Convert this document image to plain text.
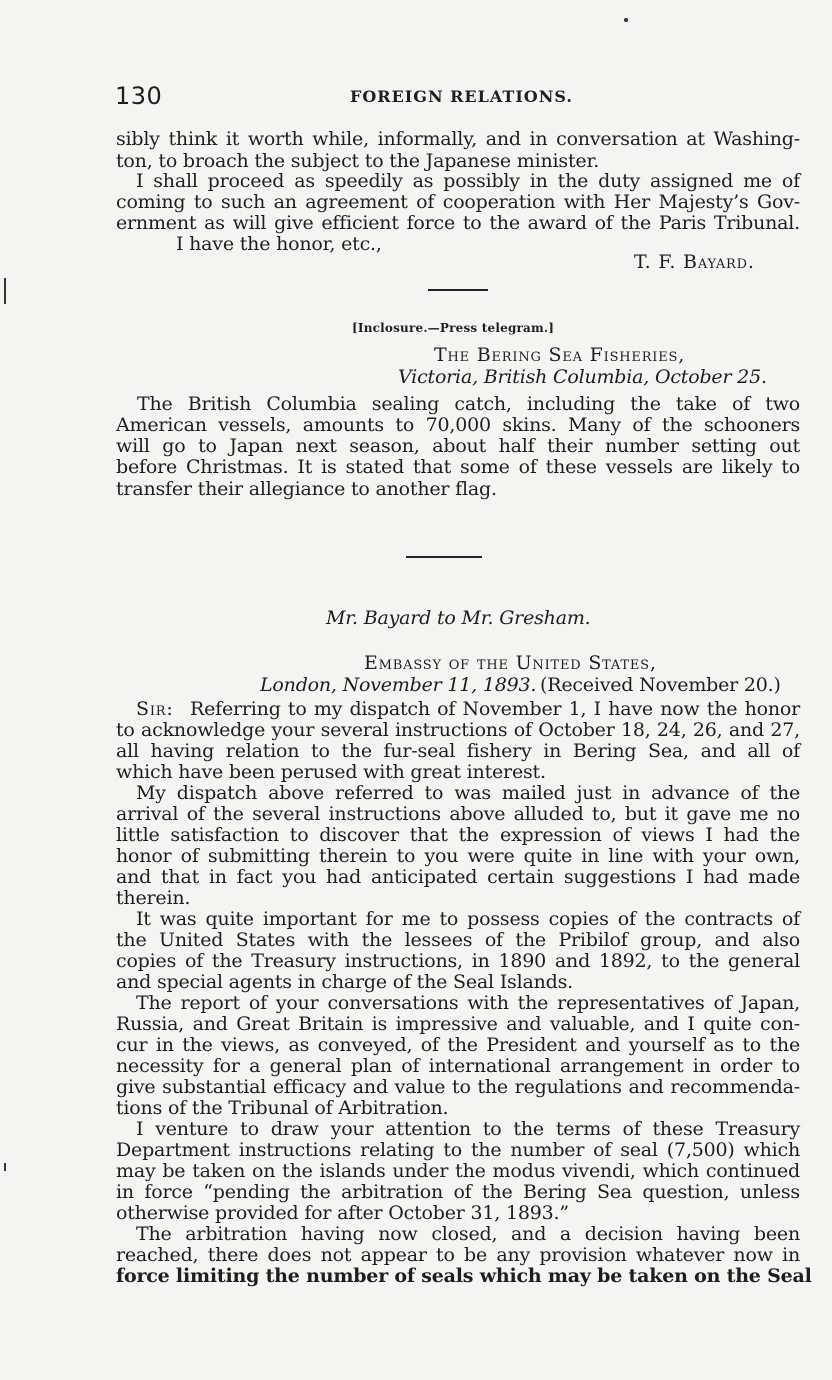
130	FOREIGN RELATIONS.
sibly think it worth while, informally, and in conversation at Washing-
ton, to broach the subject to the Japanese minister.
I shall proceed as speedily as possibly in the duty assigned me of
coming to such an agreement of cooperation with Her Majesty’s Gov-
ernment as will give efficient force to the award of the Paris Tribunal.
I have the honor, etc.,
T. F. Bayard.
[Inclosure.—Press telegram.]
The Bering Sea Fisheries,
Victoria, British Columbia, October 25.
The British Columbia sealing catch, including the take of two
American vessels, amounts to 70,000 skins. Many of the schooners
will go to Japan next season, about half their number setting out
before Christmas. It is stated that some of these vessels are likely to
transfer their allegiance to another flag.
Mr. Bayard to Mr. Gresham.
Embassy of the United States,
London, November 11, 1893. (Received November 20.)
Sir: Referring to my dispatch of November 1, I have now the honor
to acknowledge your several instructions of October 18, 24, 26, and 27,
all having relation to the fur-seal fishery in Bering Sea, and all of
which have been perused with great interest.
My dispatch above referred to was mailed just in advance of the
arrival of the several instructions above alluded to, but it gave me no
little satisfaction to discover that the expression of views I had the
honor of submitting therein to you were quite in line with your own,
and that in fact you had anticipated certain suggestions I had made
therein.
It was quite important for me to possess copies of the contracts of
the United States with the lessees of the Pribilof group, and also
copies of the Treasury instructions, in 1890 and 1892, to the general
and special agents in charge of the Seal Islands.
The report of your conversations with the representatives of Japan,
Russia, and Great Britain is impressive and valuable, and I quite con-
cur in the views, as conveyed, of the President and yourself as to the
necessity for a general plan of international arrangement in order to
give substantial efficacy and value to the regulations and recommenda-
tions of the Tribunal of Arbitration.
I venture to draw your attention to the terms of these Treasury
Department instructions relating to the number of seal (7,500) which
may be taken on the islands under the modus vivendi, which continued
in force “pending the arbitration of the Bering Sea question, unless
otherwise provided for after October 31, 1893.”
The arbitration having now closed, and a decision having been
reached, there does not appear to be any provision whatever now in
force limiting the number of seals which may be taken on the Seal
